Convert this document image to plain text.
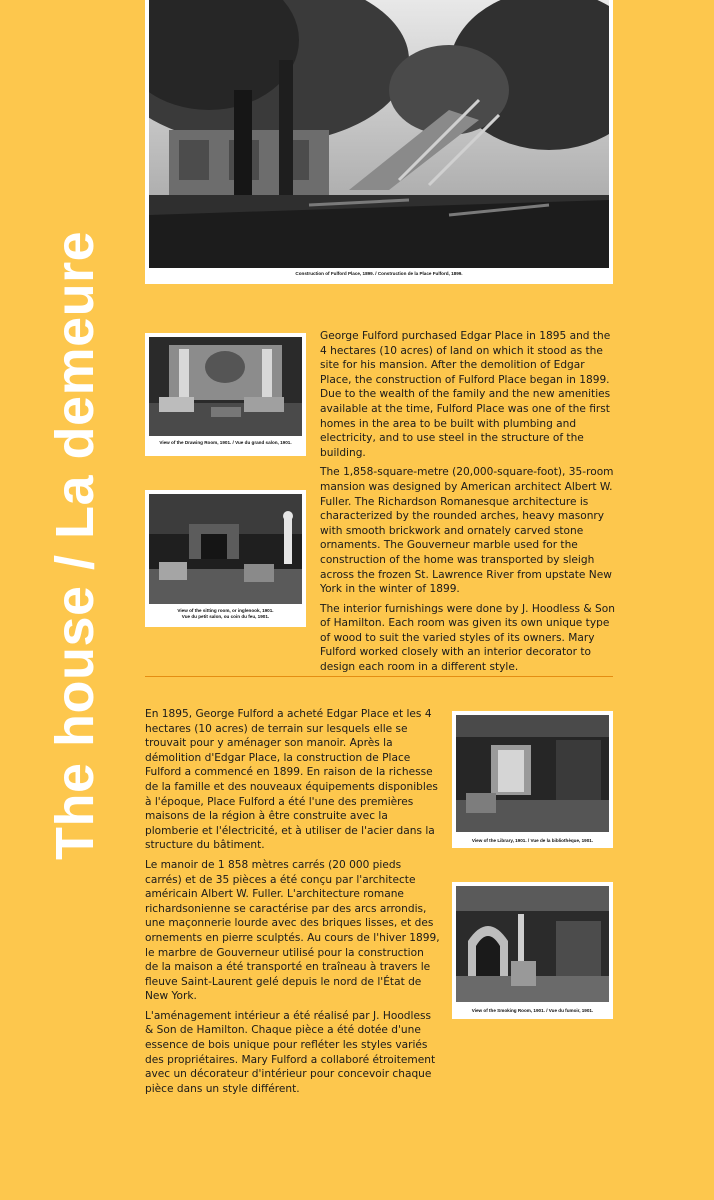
The house / La demeure	Construction of Fulford Place, 1899. / Construction de la Place Fulford, 1899.
View of the Drawing Room, 1901. / Vue du grand salon, 1901.
View of the sitting room, or inglenook, 1901.
Vue du petit salon, ou coin du feu, 1901.

George Fulford purchased Edgar Place in 1895 and the 4 hectares (10 acres) of land on which it stood as the site for his mansion. After the demolition of Edgar Place, the construction of Fulford Place began in 1899. Due to the wealth of the family and the new amenities available at the time, Fulford Place was one of the first homes in the area to be built with plumbing and electricity, and to use steel in the structure of the building.

The 1,858-square-metre (20,000-square-foot), 35-room mansion was designed by American architect Albert W. Fuller. The Richardson Romanesque architecture is characterized by the rounded arches, heavy masonry with smooth brickwork and ornately carved stone ornaments. The Gouverneur marble used for the construction of the home was transported by sleigh across the frozen St. Lawrence River from upstate New York in the winter of 1899.

The interior furnishings were done by J. Hoodless & Son of Hamilton. Each room was given its own unique type of wood to suit the varied styles of its owners. Mary Fulford worked closely with an interior decorator to design each room in a different style.

En 1895, George Fulford a acheté Edgar Place et les 4 hectares (10 acres) de terrain sur lesquels elle se trouvait pour y aménager son manoir. Après la démolition d'Edgar Place, la construction de Place Fulford a commencé en 1899. En raison de la richesse de la famille et des nouveaux équipements disponibles à l'époque, Place Fulford a été l'une des premières maisons de la région à être construite avec la plomberie et l'électricité, et à utiliser de l'acier dans la structure du bâtiment.

Le manoir de 1 858 mètres carrés (20 000 pieds carrés) et de 35 pièces a été conçu par l'architecte américain Albert W. Fuller. L'architecture romane richardsonienne se caractérise par des arcs arrondis, une maçonnerie lourde avec des briques lisses, et des ornements en pierre sculptés. Au cours de l'hiver 1899, le marbre de Gouverneur utilisé pour la construction de la maison a été transporté en traîneau à travers le fleuve Saint-Laurent gelé depuis le nord de l'État de New York.

L'aménagement intérieur a été réalisé par J. Hoodless & Son de Hamilton. Chaque pièce a été dotée d'une essence de bois unique pour refléter les styles variés des propriétaires. Mary Fulford a collaboré étroitement avec un décorateur d'intérieur pour concevoir chaque pièce dans un style différent.

View of the Library, 1901. / Vue de la bibliothèque, 1901.
View of the Smoking Room, 1901. / Vue du fumoir, 1901.
